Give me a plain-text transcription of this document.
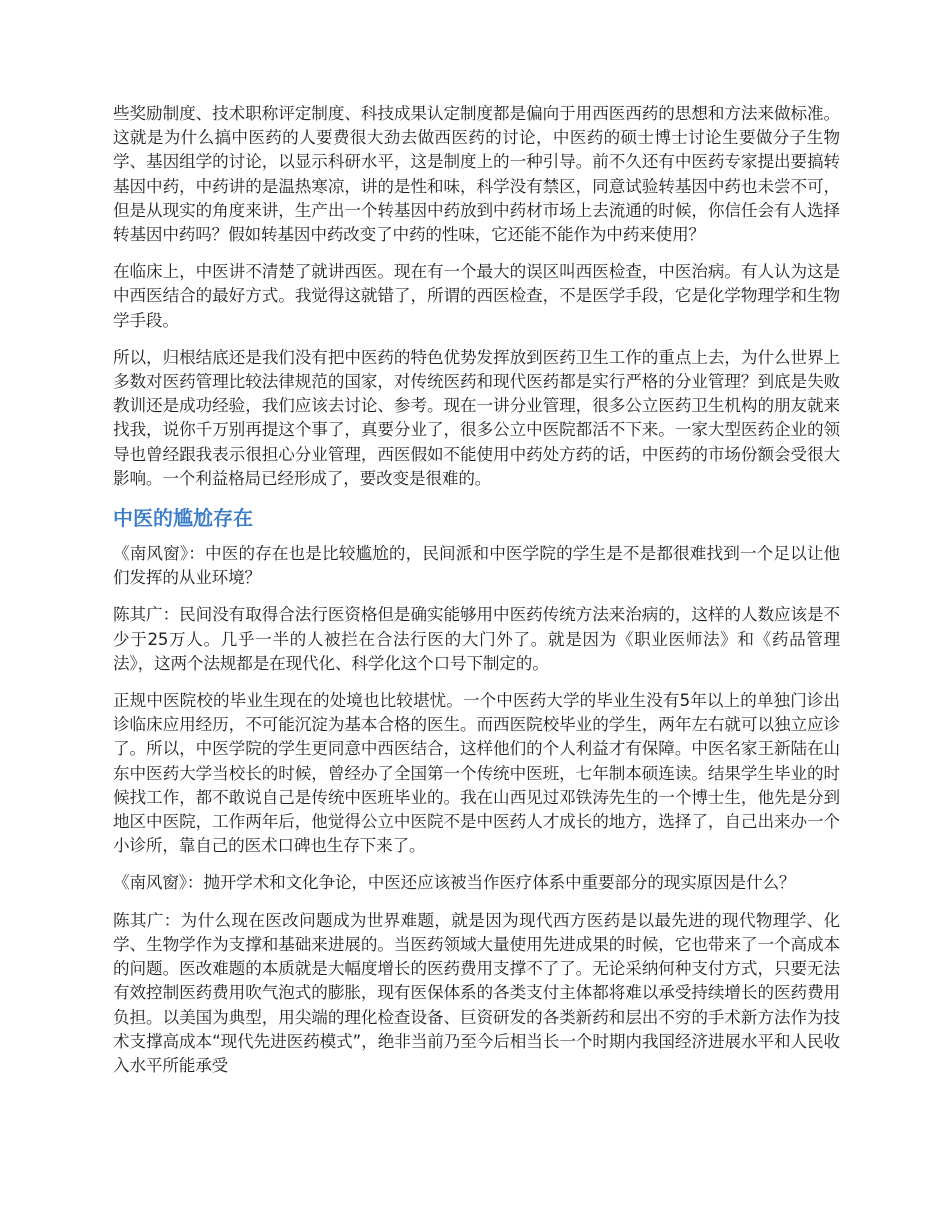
些奖励制度、技术职称评定制度、科技成果认定制度都是偏向于用西医西药的思想和方法来做标准。这就是为什么搞中医药的人要费很大劲去做西医药的讨论，中医药的硕士博士讨论生要做分子生物学、基因组学的讨论，以显示科研水平，这是制度上的一种引导。前不久还有中医药专家提出要搞转基因中药，中药讲的是温热寒凉，讲的是性和味，科学没有禁区，同意试验转基因中药也未尝不可，但是从现实的角度来讲，生产出一个转基因中药放到中药材市场上去流通的时候，你信任会有人选择转基因中药吗？假如转基因中药改变了中药的性味，它还能不能作为中药来使用？

在临床上，中医讲不清楚了就讲西医。现在有一个最大的误区叫西医检查，中医治病。有人认为这是中西医结合的最好方式。我觉得这就错了，所谓的西医检查，不是医学手段，它是化学物理学和生物学手段。

所以，归根结底还是我们没有把中医药的特色优势发挥放到医药卫生工作的重点上去，为什么世界上多数对医药管理比较法律规范的国家，对传统医药和现代医药都是实行严格的分业管理？到底是失败教训还是成功经验，我们应该去讨论、参考。现在一讲分业管理，很多公立医药卫生机构的朋友就来找我，说你千万别再提这个事了，真要分业了，很多公立中医院都活不下来。一家大型医药企业的领导也曾经跟我表示很担心分业管理，西医假如不能使用中药处方药的话，中医药的市场份额会受很大影响。一个利益格局已经形成了，要改变是很难的。

中医的尴尬存在

《南风窗》：中医的存在也是比较尴尬的，民间派和中医学院的学生是不是都很难找到一个足以让他们发挥的从业环境？

陈其广：民间没有取得合法行医资格但是确实能够用中医药传统方法来治病的，这样的人数应该是不少于25万人。几乎一半的人被拦在合法行医的大门外了。就是因为《职业医师法》和《药品管理法》，这两个法规都是在现代化、科学化这个口号下制定的。

正规中医院校的毕业生现在的处境也比较堪忧。一个中医药大学的毕业生没有5年以上的单独门诊出诊临床应用经历，不可能沉淀为基本合格的医生。而西医院校毕业的学生，两年左右就可以独立应诊了。所以，中医学院的学生更同意中西医结合，这样他们的个人利益才有保障。中医名家王新陆在山东中医药大学当校长的时候，曾经办了全国第一个传统中医班，七年制本硕连读。结果学生毕业的时候找工作，都不敢说自己是传统中医班毕业的。我在山西见过邓铁涛先生的一个博士生，他先是分到地区中医院，工作两年后，他觉得公立中医院不是中医药人才成长的地方，选择了，自己出来办一个小诊所，靠自己的医术口碑也生存下来了。

《南风窗》：抛开学术和文化争论，中医还应该被当作医疗体系中重要部分的现实原因是什么？

陈其广：为什么现在医改问题成为世界难题，就是因为现代西方医药是以最先进的现代物理学、化学、生物学作为支撑和基础来进展的。当医药领域大量使用先进成果的时候，它也带来了一个高成本的问题。医改难题的本质就是大幅度增长的医药费用支撑不了了。无论采纳何种支付方式，只要无法有效控制医药费用吹气泡式的膨胀，现有医保体系的各类支付主体都将难以承受持续增长的医药费用负担。以美国为典型，用尖端的理化检查设备、巨资研发的各类新药和层出不穷的手术新方法作为技术支撑高成本“现代先进医药模式”，绝非当前乃至今后相当长一个时期内我国经济进展水平和人民收入水平所能承受
